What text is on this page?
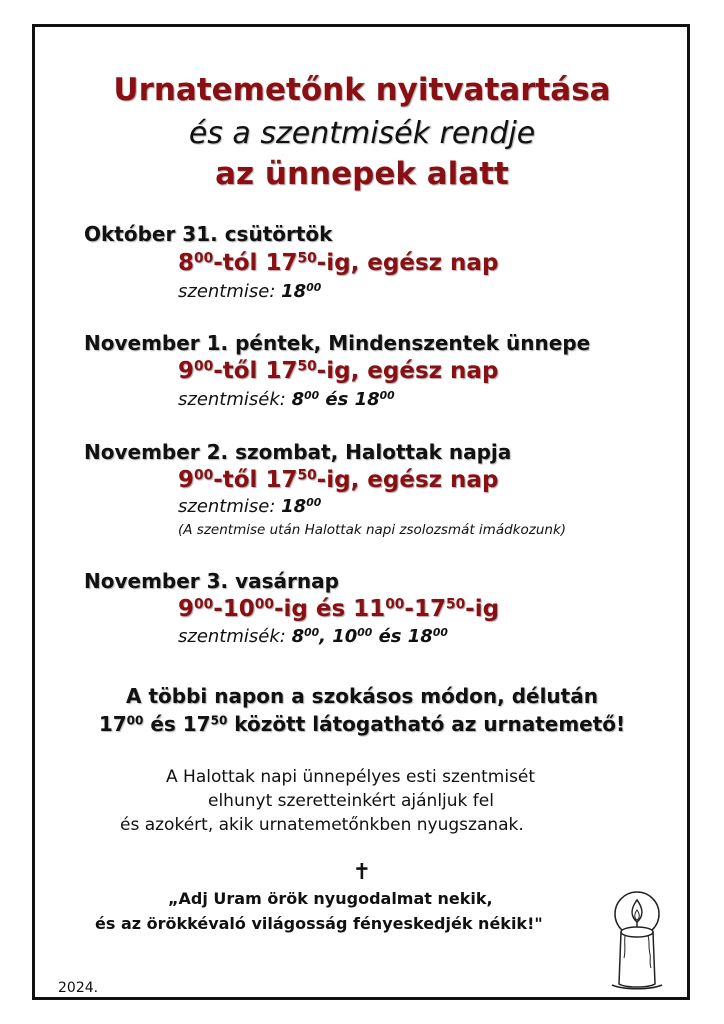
Urnatemetőnk nyitvatartása
és a szentmisék rendje
az ünnepek alatt
Október 31. csütörtök
$8^{00}$-tól $17^{50}-ig$, egész nap
szentmise: $18^{00}$
November 1. péntek, Mindenszentek ünnepe
$9^{00}$-től $17^{50}-ig$, egész nap
szentmisék: $8^{00}$ és $18^{00}$
November 2. szombat, Halottak napja
$9^{00}$-től $17^{50}-ig$, egész nap
szentmise: $18^{00}$
(A szentmise után Halottak napi zsolozsmát imádkozunk)
November 3. vasárnap
$9^{00}-10^{00}-ig$ és $11^{00}-17^{50}-ig$
szentmisék: $8^{00}$, $10^{00}$ és $18^{00}$
A többi napon a szokásos módon, délután
$17^{00}$ és $17^{50}$ között látogatható az urnatemető!
A Halottak napi ünnepélyes esti szentmisét
elhunyt szeretteinkért ajánljuk fel
és azokért, akik urnatemetőnkben nyugszanak.
✝
„Adj Uram örök nyugodalmat nekik,
és az örökkévaló világosság fényeskedjék nékik!"
2024.
